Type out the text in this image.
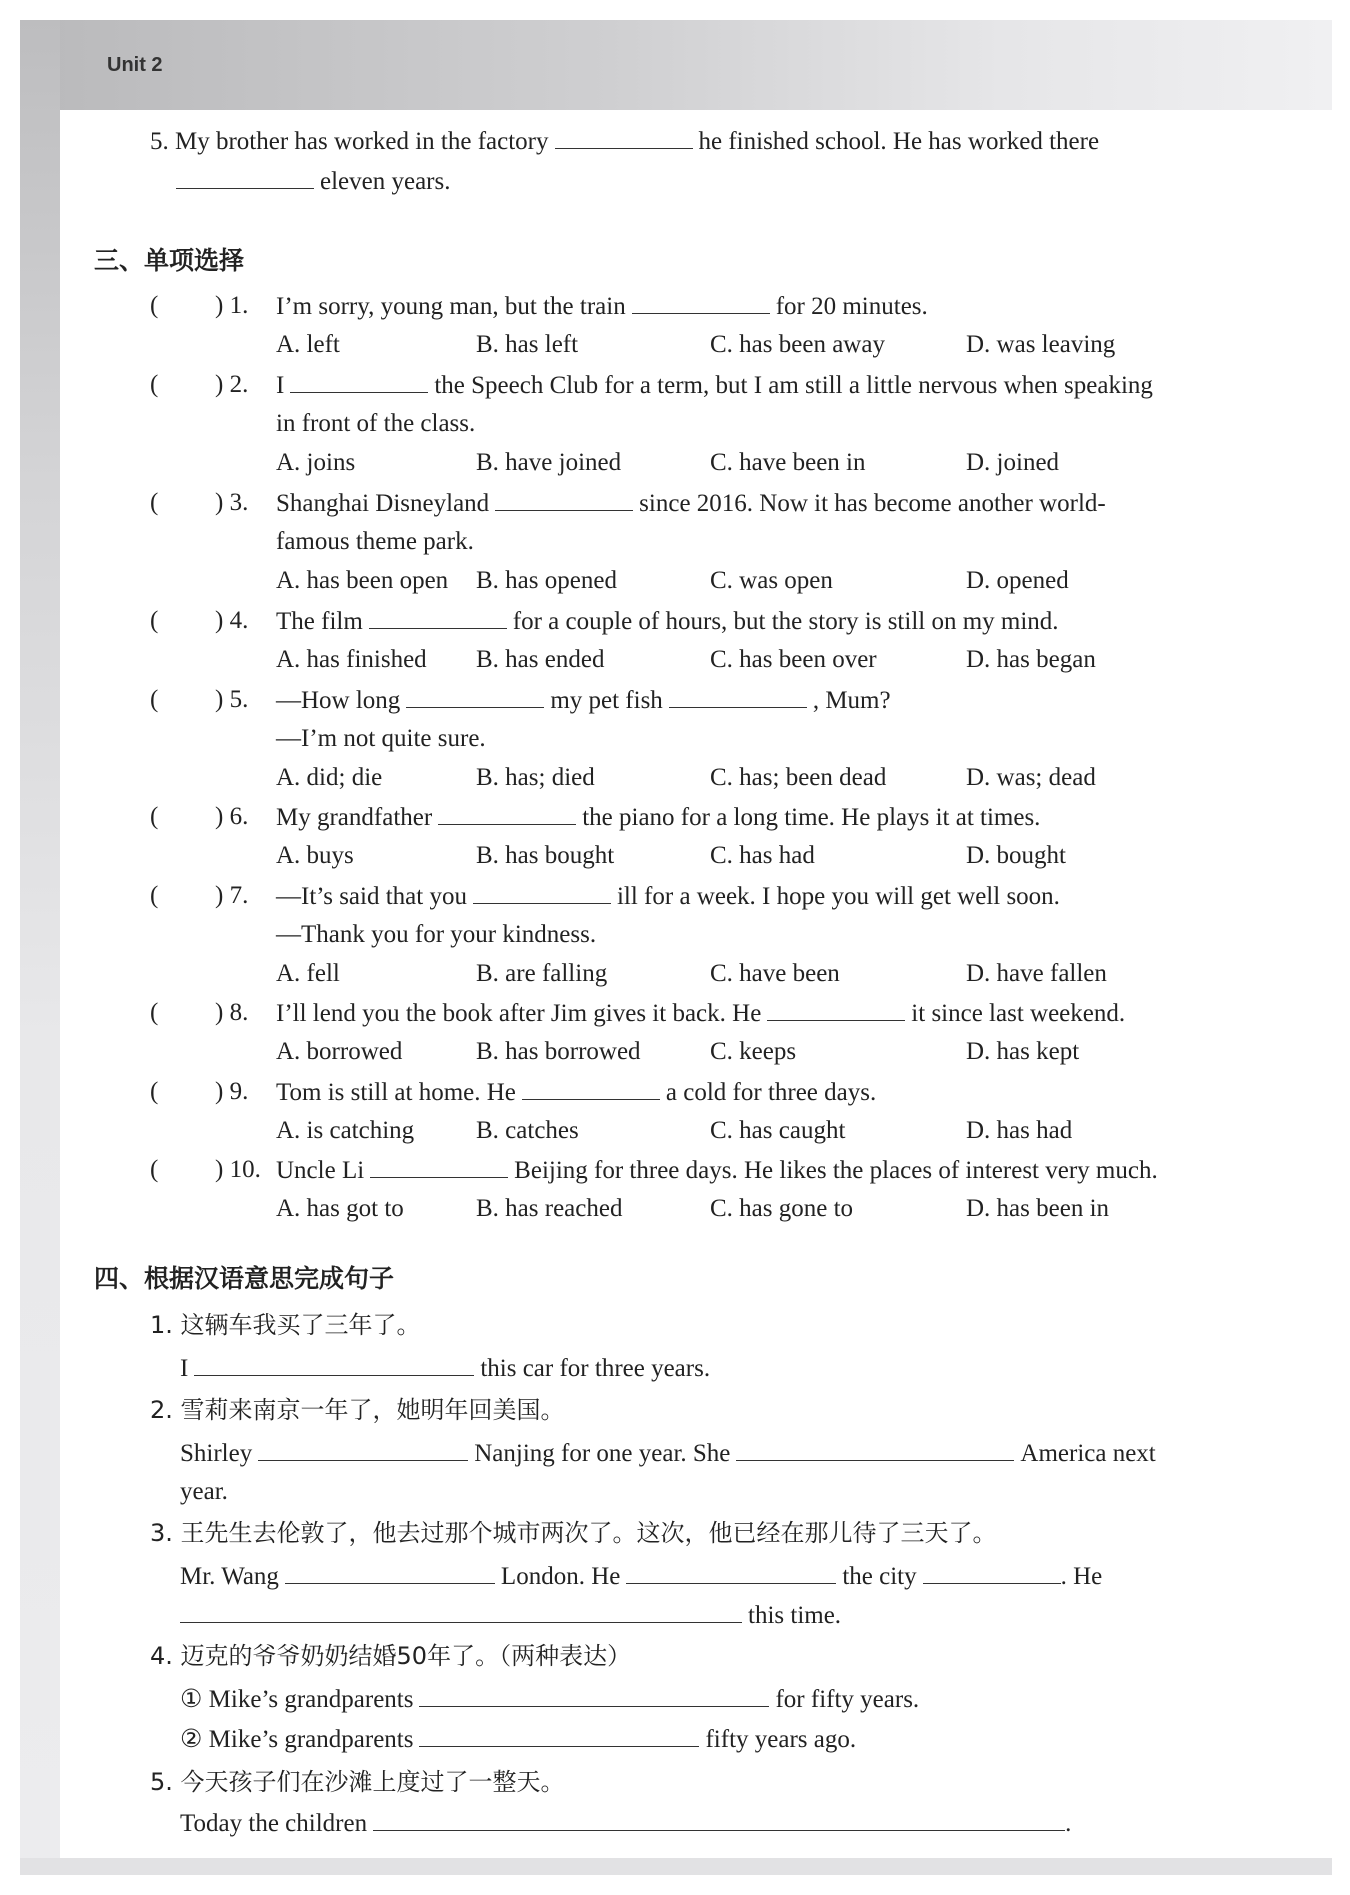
Unit 2
5. My brother has worked in the factory	he finished school. He has worked there
eleven years.
三、单项选择
( ) 1. I’m sorry, young man, but the train	for 20 minutes.
A. left	B. has left	C. has been away	D. was leaving
( ) 2. I	the Speech Club for a term, but I am still a little nervous when speaking
in front of the class.
A. joins	B. have joined	C. have been in	D. joined
( ) 3. Shanghai Disneyland	since 2016. Now it has become another world-
famous theme park.
A. has been open B. has opened	C. was open	D. opened
( ) 4. The film	for a couple of hours, but the story is still on my mind.
A. has finished B. has ended	C. has been over	D. has began
( ) 5. —How long	my pet fish	, Mum?
—I’m not quite sure.
A. did; die	B. has; died	C. has; been dead	D. was; dead
( ) 6. My grandfather	the piano for a long time. He plays it at times.
A. buys	B. has bought	C. has had	D. bought
( ) 7. —It’s said that you	ill for a week. I hope you will get well soon.
—Thank you for your kindness.
A. fell	B. are falling	C. have been	D. have fallen
( ) 8. I’ll lend you the book after Jim gives it back. He	it since last weekend.
A. borrowed	B. has borrowed	C. keeps	D. has kept
( ) 9. Tom is still at home. He	a cold for three days.
A. is catching B. catches	C. has caught	D. has had
( ) 10. Uncle Li	Beijing for three days. He likes the places of interest very much.
A. has got to	B. has reached	C. has gone to	D. has been in
四、根据汉语意思完成句子
1. 这辆车我买了三年了。
I	this car for three years.
2. 雪莉来南京一年了，她明年回美国。
Shirley	Nanjing for one year. She	America next
year.
3. 王先生去伦敦了，他去过那个城市两次了。这次，他已经在那儿待了三天了。
Mr. Wang	London. He	the city	. He
this time.
4. 迈克的爷爷奶奶结婚50年了。（两种表达）
① Mike’s grandparents	for fifty years.
② Mike’s grandparents	fifty years ago.
5. 今天孩子们在沙滩上度过了一整天。
Today the children	.
